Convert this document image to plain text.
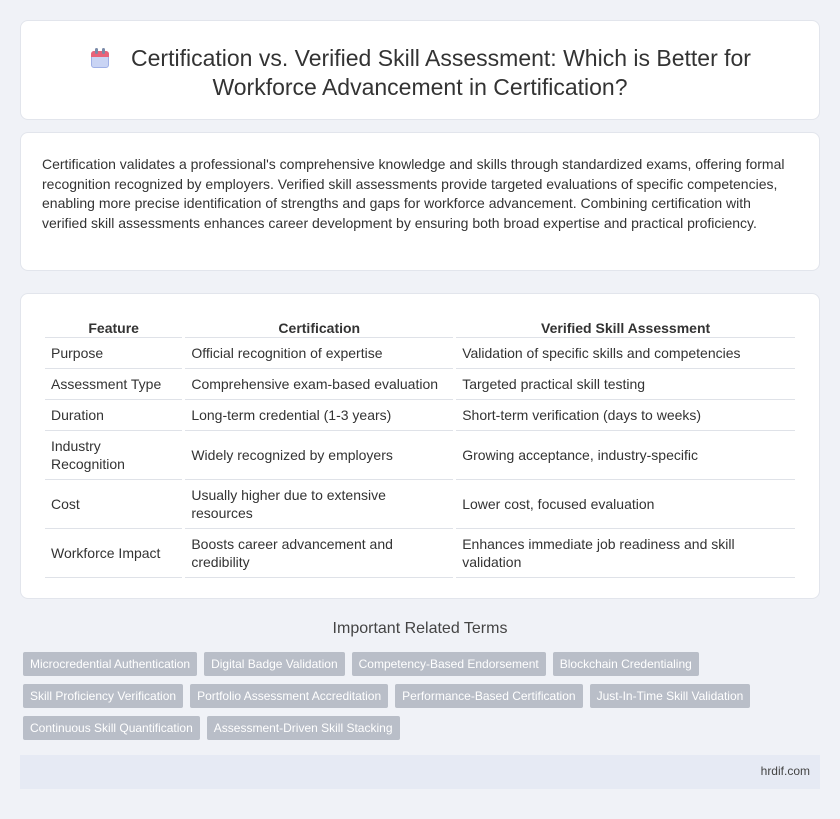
Certification vs. Verified Skill Assessment: Which is Better for
Workforce Advancement in Certification?

Certification validates a professional's comprehensive knowledge and skills through standardized exams, offering formal recognition recognized by employers. Verified skill assessments provide targeted evaluations of specific competencies, enabling more precise identification of strengths and gaps for workforce advancement. Combining certification with verified skill assessments enhances career development by ensuring both broad expertise and practical proficiency.

Feature	Certification	Verified Skill Assessment
Purpose	Official recognition of expertise	Validation of specific skills and competencies
Assessment Type	Comprehensive exam-based evaluation	Targeted practical skill testing
Duration	Long-term credential (1-3 years)	Short-term verification (days to weeks)
Industry Recognition	Widely recognized by employers	Growing acceptance, industry-specific
Cost	Usually higher due to extensive resources	Lower cost, focused evaluation
Workforce Impact	Boosts career advancement and credibility	Enhances immediate job readiness and skill validation
Important Related Terms
Microcredential Authentication	Digital Badge Validation	Competency-Based Endorsement	Blockchain Credentialing
Skill Proficiency Verification	Portfolio Assessment Accreditation	Performance-Based Certification	Just-In-Time Skill Validation
Continuous Skill Quantification	Assessment-Driven Skill Stacking
hrdif.com
